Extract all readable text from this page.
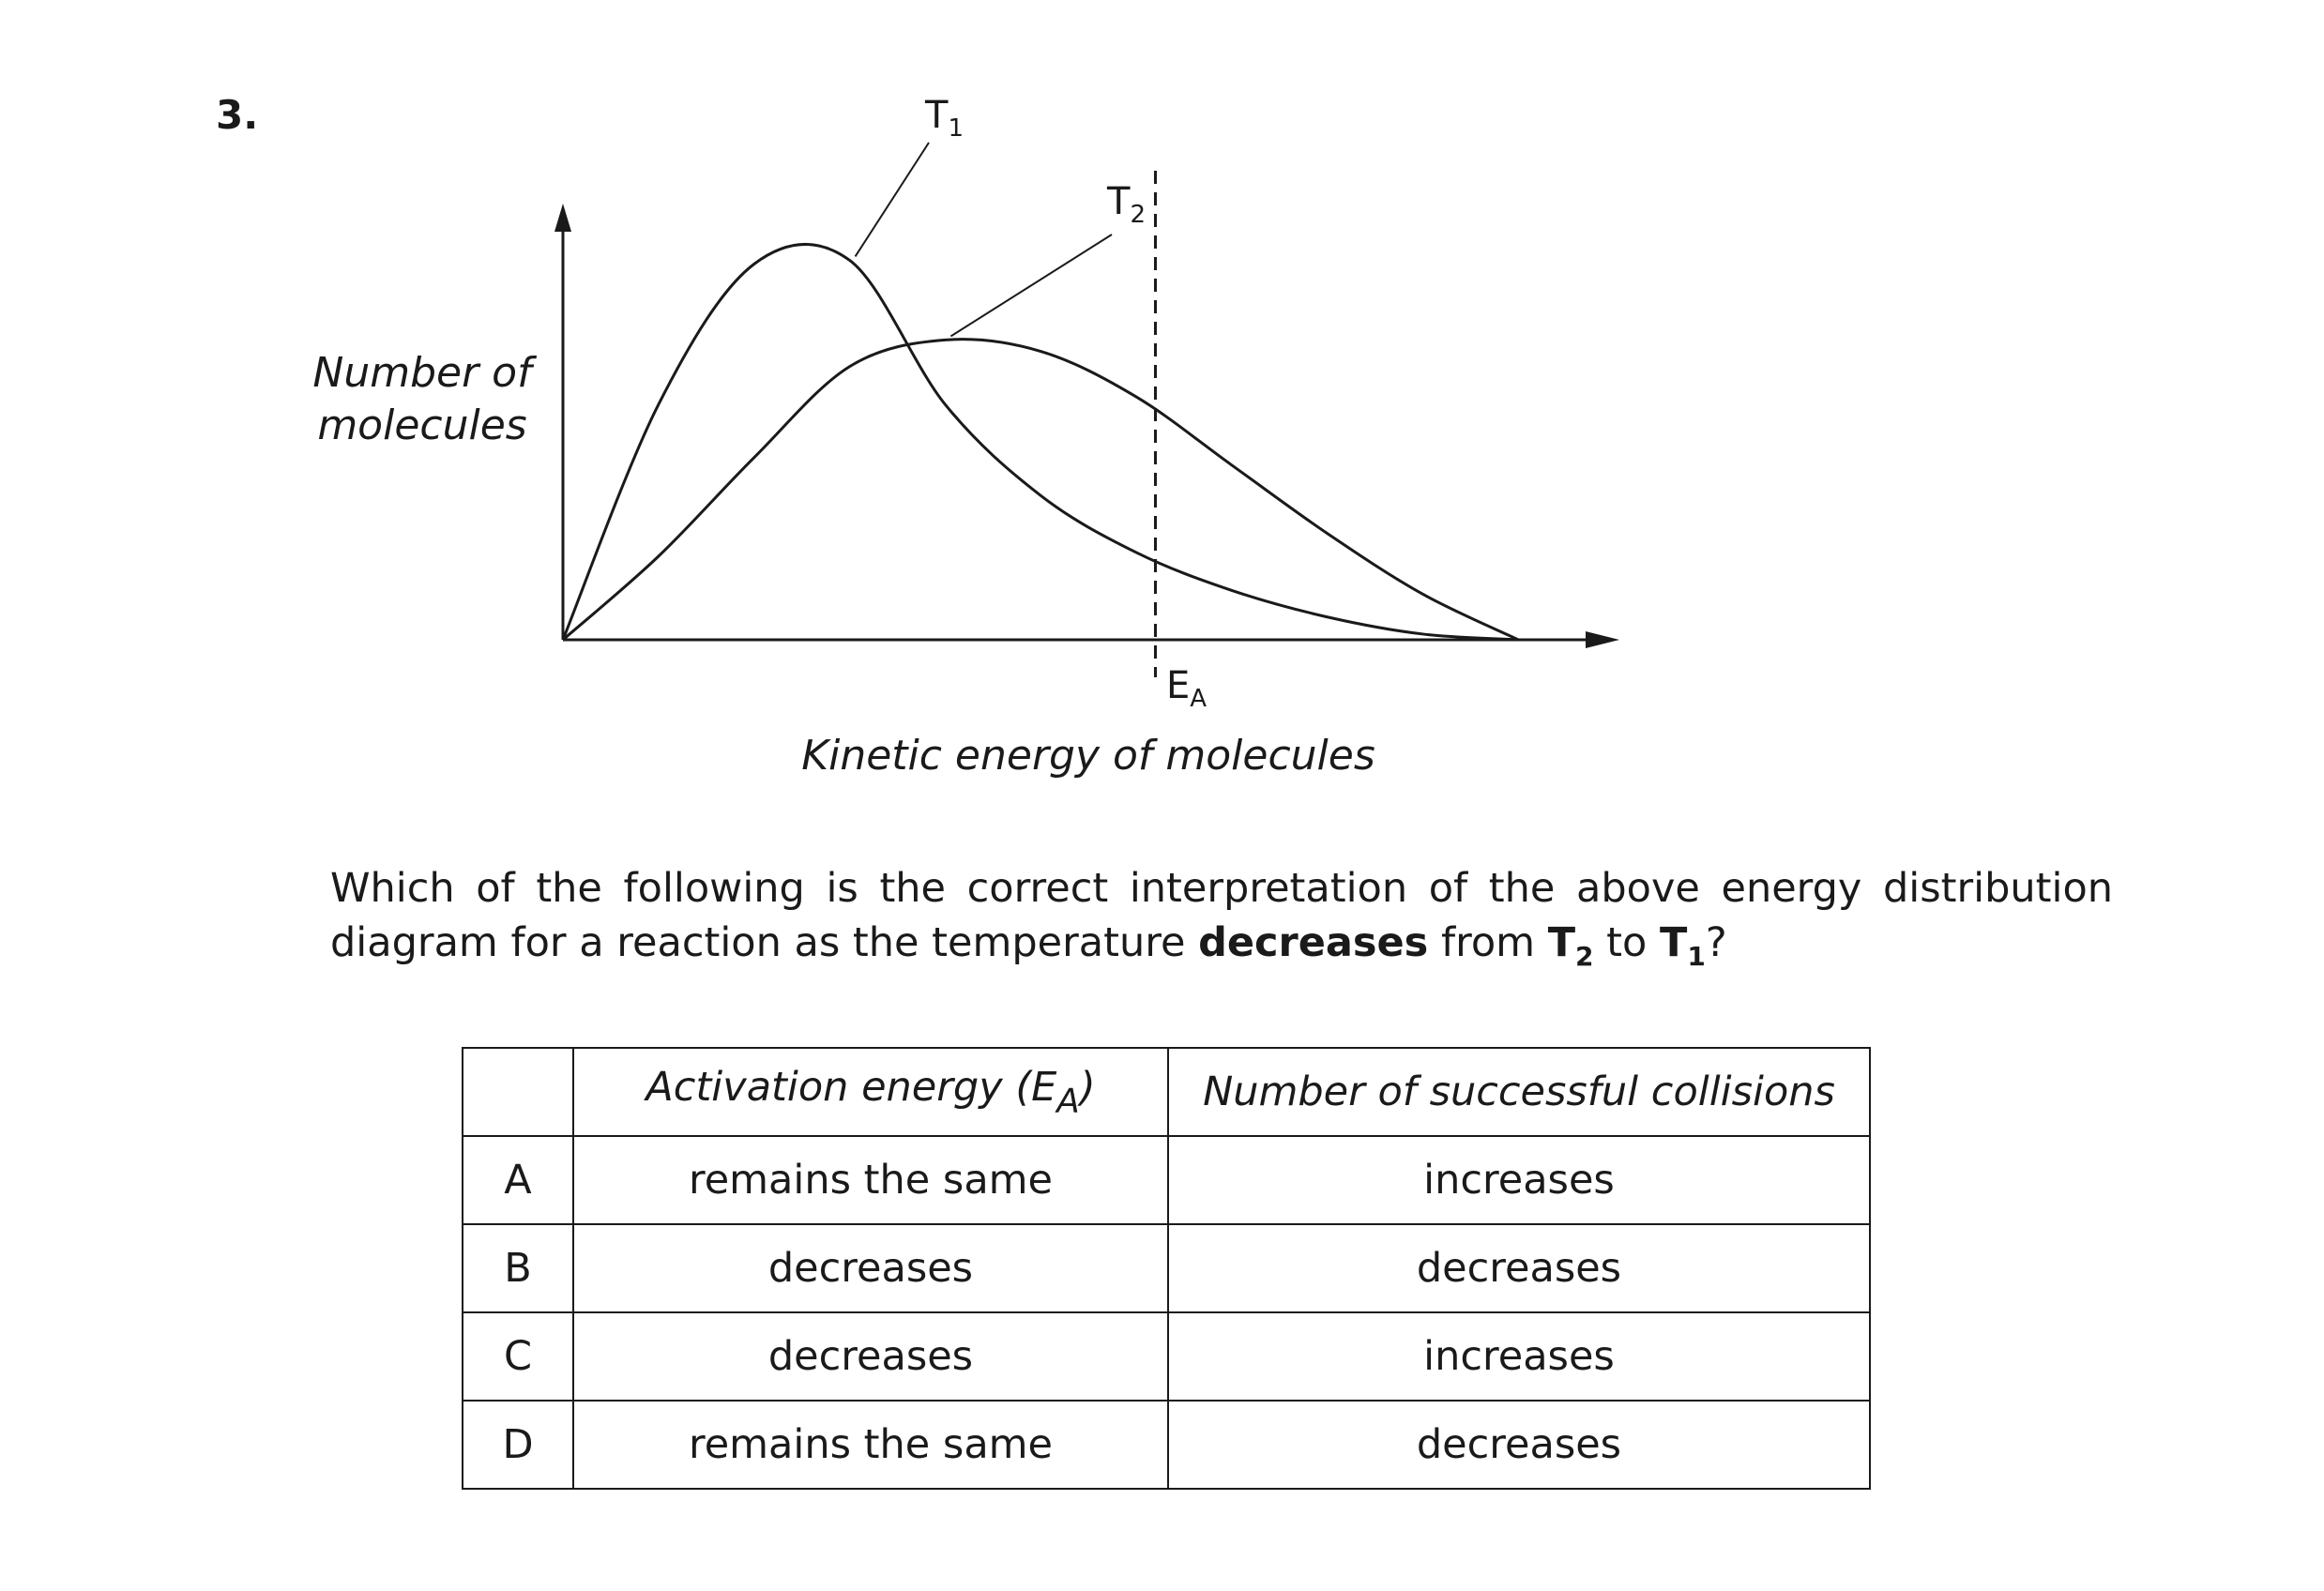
3.
Number of
molecules
$T_1$
$T_2$
$E_A$
Kinetic energy of molecules
Which of the following is the correct interpretation of the above energy distribution diagram for a reaction as the temperature decreases from $T_2$ to $T_1$?
	Activation energy $(E_A)$	Number of successful collisions
A	remains the same	increases
B	decreases	decreases
C	decreases	increases
D	remains the same	decreases
